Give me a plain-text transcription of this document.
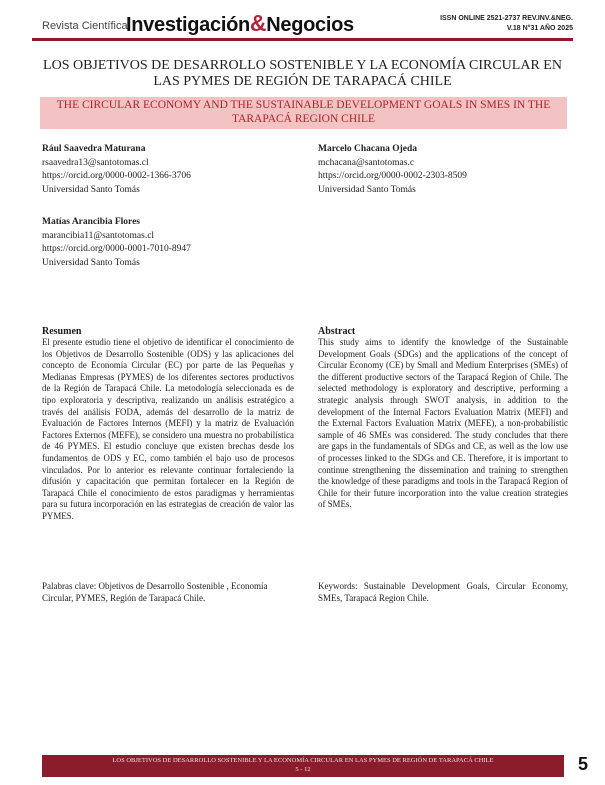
Revista Científica
Investigación&Negocios	ISSN ONLINE 2521-2737 REV.INV.&NEG.
V.18 N°31 AÑO 2025
LOS OBJETIVOS DE DESARROLLO SOSTENIBLE Y LA ECONOMÍA CIRCULAR EN LAS PYMES DE REGIÓN DE TARAPACÁ CHILE
THE CIRCULAR ECONOMY AND THE SUSTAINABLE DEVELOPMENT GOALS IN SMES IN THE TARAPACÁ REGION CHILE
Rául Saavedra Maturana
rsaavedra13@santotomas.cl
https://orcid.org/0000-0002-1366-3706
Universidad Santo Tomás
Marcelo Chacana Ojeda
mchacana@santotomas.c
https://orcid.org/0000-0002-2303-8509
Universidad Santo Tomás
Matías Arancibia Flores
marancibia11@santotomas.cl
https://orcid.org/0000-0001-7010-8947
Universidad Santo Tomás
Resumen
El presente estudio tiene el objetivo de identificar el conocimiento de los Objetivos de Desarrollo Sostenible (ODS) y las aplicaciones del concepto de Economía Circular (EC) por parte de las Pequeñas y Medianas Empresas (PYMES) de los diferentes sectores productivos de la Región de Tarapacá Chile. La metodología seleccionada es de tipo exploratoria y descriptiva, realizando un análisis estratégico a través del análisis FODA, además del desarrollo de la matriz de Evaluación de Factores Internos (MEFI) y la matriz de Evaluación Factores Externos (MEFE), se considero una muestra no probabilística de 46 PYMES. El estudio concluye que existen brechas desde los fundamentos de ODS y EC, como también el bajo uso de procesos vinculados. Por lo anterior es relevante continuar fortaleciendo la difusión y capacitación que permitan fortalecer en la Región de Tarapacá Chile el conocimiento de estos paradigmas y herramientas para su futura incorporación en las estrategias de creación de valor las PYMES.
Abstract
This study aims to identify the knowledge of the Sustainable Development Goals (SDGs) and the applications of the concept of Circular Economy (CE) by Small and Medium Enterprises (SMEs) of the different productive sectors of the Tarapacá Region of Chile. The selected methodology is exploratory and descriptive, performing a strategic analysis through SWOT analysis, in addition to the development of the Internal Factors Evaluation Matrix (MEFI) and the External Factors Evaluation Matrix (MEFE), a non-probabilistic sample of 46 SMEs was considered. The study concludes that there are gaps in the fundamentals of SDGs and CE, as well as the low use of processes linked to the SDGs and CE. Therefore, it is important to continue strengthening the dissemination and training to strengthen the knowledge of these paradigms and tools in the Tarapacá Region of Chile for their future incorporation into the value creation strategies of SMEs.
Palabras clave: Objetivos de Desarrollo Sostenible , Economía Circular, PYMES, Región de Tarapacá Chile.
Keywords: Sustainable Development Goals, Circular Economy, SMEs, Tarapacá Region Chile.
LOS OBJETIVOS DE DESARROLLO SOSTENIBLE Y LA ECONOMÍA CIRCULAR EN LAS PYMES DE REGIÓN DE TARAPACÁ CHILE
5 - 12	5
